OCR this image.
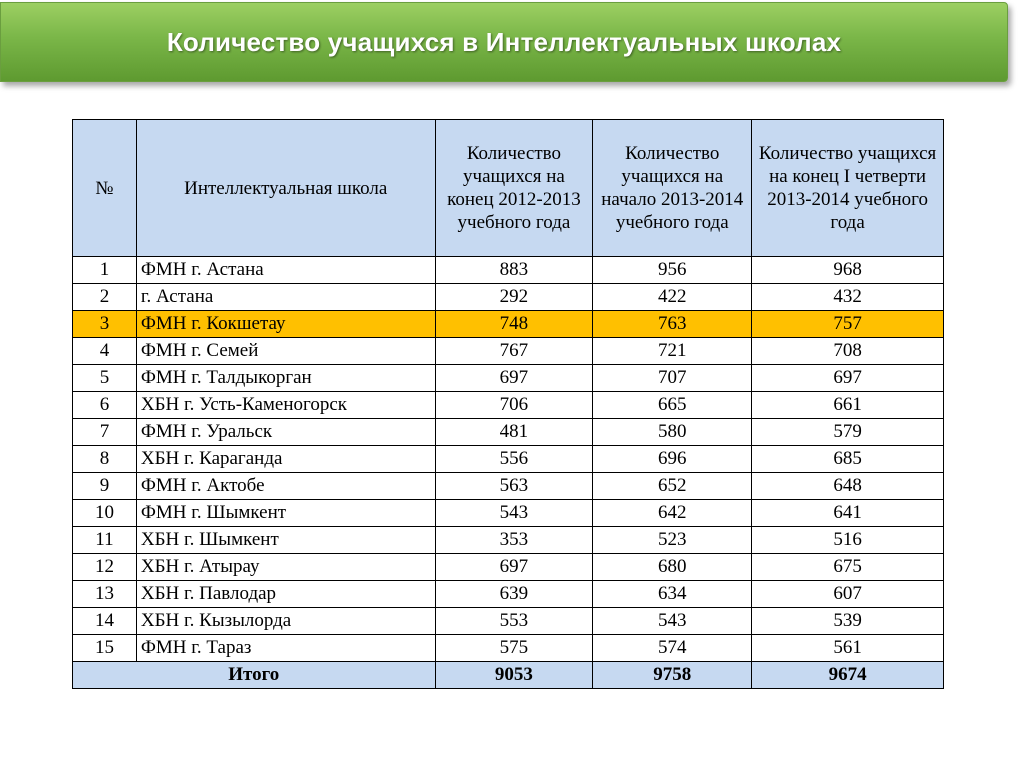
Количество учащихся в Интеллектуальных школах
№	Интеллектуальная школа	Количество учащихся на конец 2012-2013 учебного года	Количество учащихся на начало 2013-2014 учебного года	Количество учащихся на конец I четверти 2013-2014 учебного года
1	ФМН г. Астана	883	956	968
2	г. Астана	292	422	432
3	ФМН г. Кокшетау	748	763	757
4	ФМН г. Семей	767	721	708
5	ФМН г. Талдыкорган	697	707	697
6	ХБН г. Усть-Каменогорск	706	665	661
7	ФМН г. Уральск	481	580	579
8	ХБН г. Караганда	556	696	685
9	ФМН г. Актобе	563	652	648
10	ФМН г. Шымкент	543	642	641
11	ХБН г. Шымкент	353	523	516
12	ХБН г. Атырау	697	680	675
13	ХБН г. Павлодар	639	634	607
14	ХБН г. Кызылорда	553	543	539
15	ФМН г. Тараз	575	574	561
Итого		9053	9758	9674
